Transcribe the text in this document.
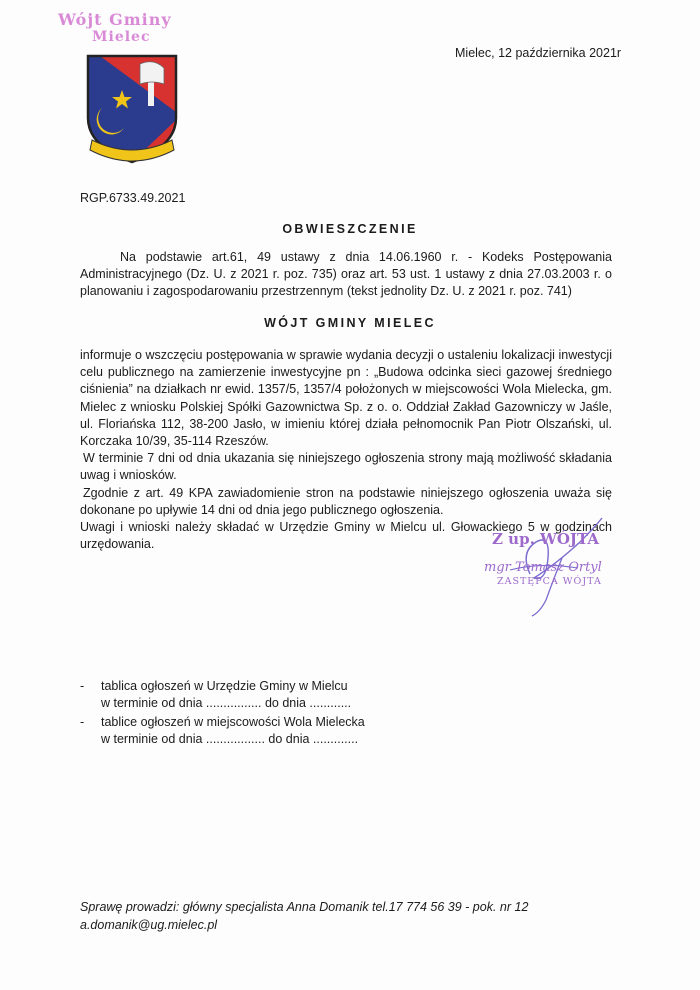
Wójt Gminy
Mielec
Mielec, 12 października 2021r
RGP.6733.49.2021
OBWIESZCZENIE
Na podstawie art.61, 49 ustawy z dnia 14.06.1960 r. - Kodeks Postępowania Administracyjnego (Dz. U. z 2021 r. poz. 735) oraz art. 53 ust. 1 ustawy z dnia 27.03.2003 r. o planowaniu i zagospodarowaniu przestrzennym (tekst jednolity Dz. U. z 2021 r. poz. 741)
WÓJT GMINY MIELEC
informuje o wszczęciu postępowania w sprawie wydania decyzji o ustaleniu lokalizacji inwestycji celu publicznego na zamierzenie inwestycyjne pn : „Budowa odcinka sieci gazowej średniego ciśnienia” na działkach nr ewid. 1357/5, 1357/4 położonych w miejscowości Wola Mielecka, gm. Mielec z wniosku Polskiej Spółki Gazownictwa Sp. z o. o. Oddział Zakład Gazowniczy w Jaśle, ul. Floriańska 112, 38-200 Jasło, w imieniu której działa pełnomocnik Pan Piotr Olszański, ul. Korczaka 10/39, 35-114 Rzeszów.
W terminie 7 dni od dnia ukazania się niniejszego ogłoszenia strony mają możliwość składania uwag i wniosków.
Zgodnie z art. 49 KPA zawiadomienie stron na podstawie niniejszego ogłoszenia uważa się dokonane po upływie 14 dni od dnia jego publicznego ogłoszenia.
Uwagi i wnioski należy składać w Urzędzie Gminy w Mielcu ul. Głowackiego 5 w godzinach urzędowania.	Z up. WÓJTA
mgr Tomasz Ortyl
ZASTĘPCA WÓJTA
- tablica ogłoszeń w Urzędzie Gminy w Mielcu
w terminie od dnia ................ do dnia ............
- tablice ogłoszeń w miejscowości Wola Mielecka
w terminie od dnia ................. do dnia .............
Sprawę prowadzi: główny specjalista Anna Domanik tel.17 774 56 39 - pok. nr 12
a.domanik@ug.mielec.pl
